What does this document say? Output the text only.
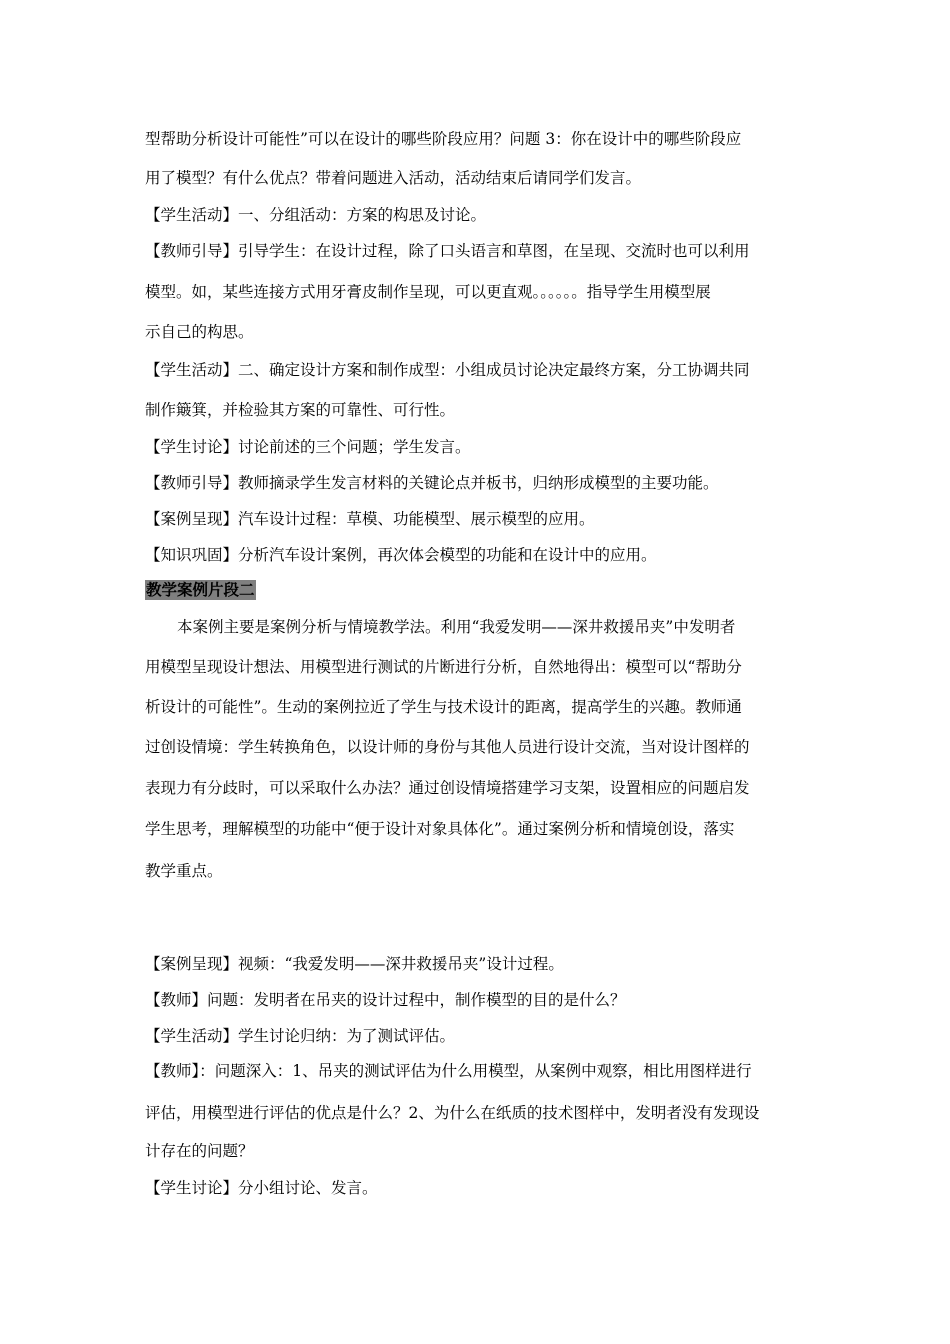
型帮助分析设计可能性”可以在设计的哪些阶段应用？问题 3：你在设计中的哪些阶段应
用了模型？有什么优点？带着问题进入活动，活动结束后请同学们发言。
【学生活动】一、分组活动：方案的构思及讨论。
【教师引导】引导学生：在设计过程，除了口头语言和草图，在呈现、交流时也可以利用
模型。如，某些连接方式用牙膏皮制作呈现，可以更直观。。。。。。指导学生用模型展
示自己的构思。
【学生活动】二、确定设计方案和制作成型：小组成员讨论决定最终方案，分工协调共同
制作簸箕，并检验其方案的可靠性、可行性。
【学生讨论】讨论前述的三个问题；学生发言。
【教师引导】教师摘录学生发言材料的关键论点并板书，归纳形成模型的主要功能。
【案例呈现】汽车设计过程：草模、功能模型、展示模型的应用。
【知识巩固】分析汽车设计案例，再次体会模型的功能和在设计中的应用。
教学案例片段二
本案例主要是案例分析与情境教学法。利用“我爱发明——深井救援吊夹”中发明者
用模型呈现设计想法、用模型进行测试的片断进行分析，自然地得出：模型可以“帮助分
析设计的可能性”。生动的案例拉近了学生与技术设计的距离，提高学生的兴趣。教师通
过创设情境：学生转换角色，以设计师的身份与其他人员进行设计交流，当对设计图样的
表现力有分歧时，可以采取什么办法？通过创设情境搭建学习支架，设置相应的问题启发
学生思考，理解模型的功能中“便于设计对象具体化”。通过案例分析和情境创设，落实
教学重点。
【案例呈现】视频：“我爱发明——深井救援吊夹”设计过程。
【教师】问题：发明者在吊夹的设计过程中，制作模型的目的是什么？
【学生活动】学生讨论归纳：为了测试评估。
【教师】：问题深入：1、吊夹的测试评估为什么用模型，从案例中观察，相比用图样进行
评估，用模型进行评估的优点是什么？2、为什么在纸质的技术图样中，发明者没有发现设
计存在的问题？
【学生讨论】分小组讨论、发言。
